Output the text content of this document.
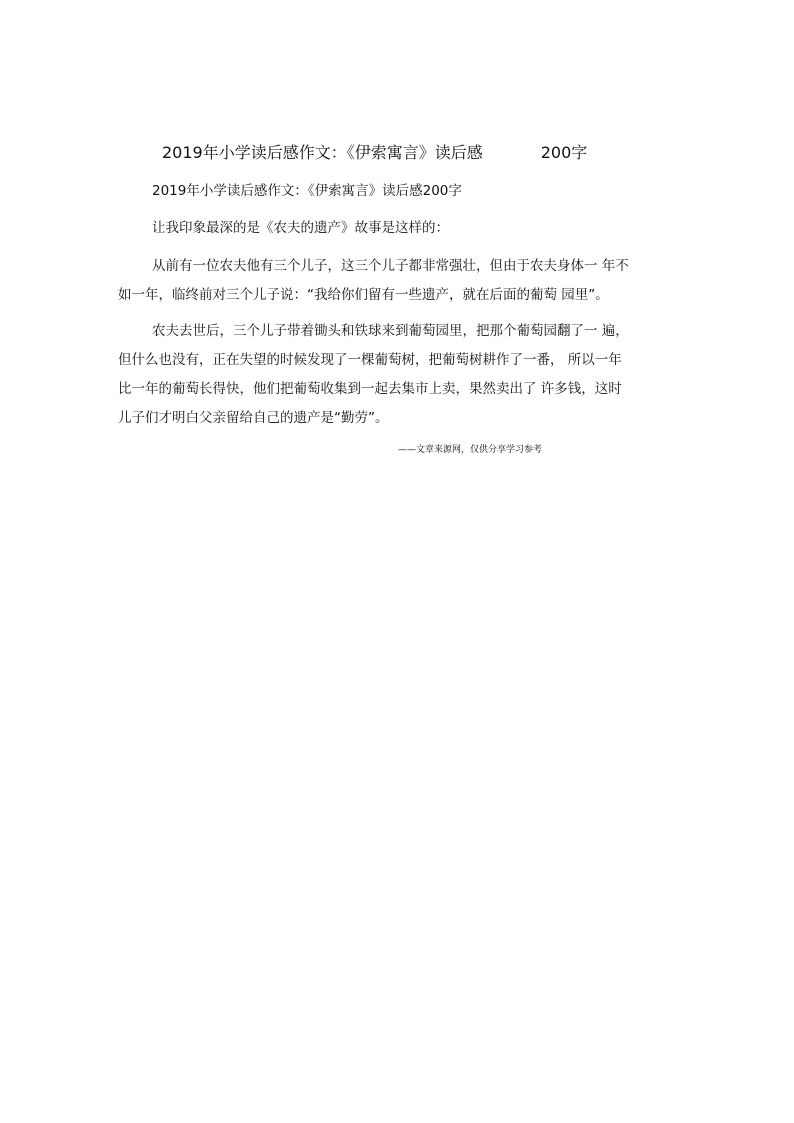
2019年小学读后感作文：《伊索寓言》读后感	200字
2019年小学读后感作文：《伊索寓言》读后感200字
让我印象最深的是《农夫的遗产》故事是这样的：
从前有一位农夫他有三个儿子，这三个儿子都非常强壮，但由于农夫身体一 年不
如一年，临终前对三个儿子说：“我给你们留有一些遗产，就在后面的葡萄 园里”。
农夫去世后，三个儿子带着锄头和铁球来到葡萄园里，把那个葡萄园翻了一 遍，
但什么也没有，正在失望的时候发现了一棵葡萄树，把葡萄树耕作了一番， 所以一年
比一年的葡萄长得快，他们把葡萄收集到一起去集市上卖，果然卖出了 许多钱，这时
儿子们才明白父亲留给自己的遗产是“勤劳”。
——文章来源网，仅供分享学习参考
